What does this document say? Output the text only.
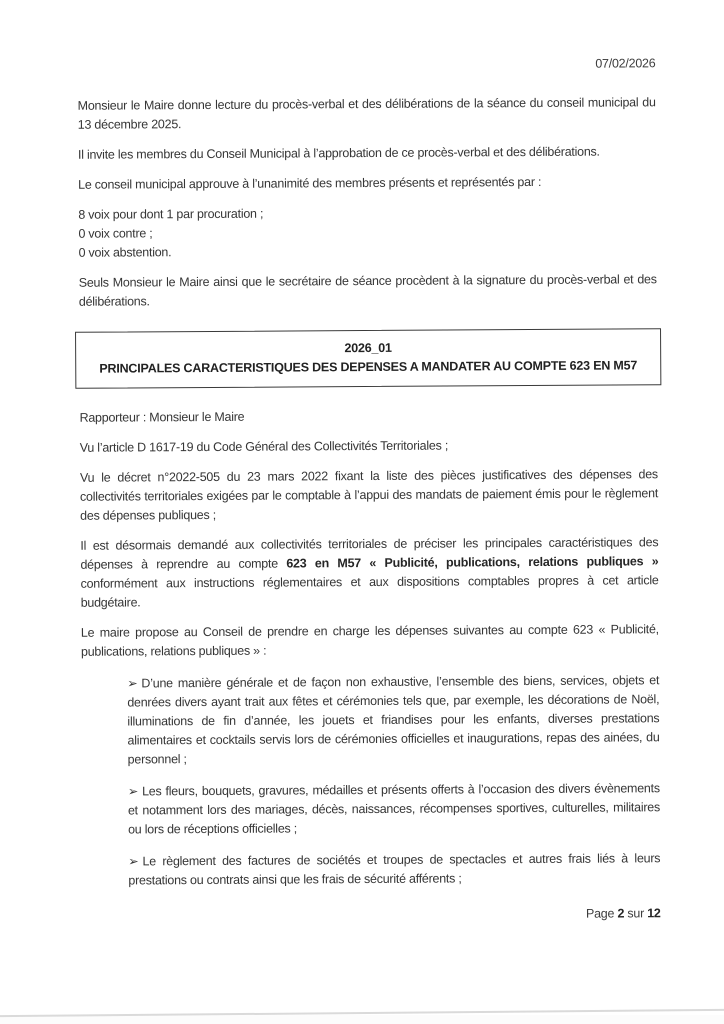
07/02/2026

Monsieur le Maire donne lecture du procès-verbal et des délibérations de la séance du conseil municipal du 13 décembre 2025.

Il invite les membres du Conseil Municipal à l’approbation de ce procès-verbal et des délibérations.

Le conseil municipal approuve à l’unanimité des membres présents et représentés par :

8 voix pour dont 1 par procuration ;
0 voix contre ;
0 voix abstention.

Seuls Monsieur le Maire ainsi que le secrétaire de séance procèdent à la signature du procès-verbal et des délibérations.

2026_01
PRINCIPALES CARACTERISTIQUES DES DEPENSES A MANDATER AU COMPTE 623 EN M57

Rapporteur : Monsieur le Maire

Vu l’article D 1617-19 du Code Général des Collectivités Territoriales ;

Vu le décret n°2022-505 du 23 mars 2022 fixant la liste des pièces justificatives des dépenses des collectivités territoriales exigées par le comptable à l’appui des mandats de paiement émis pour le règlement des dépenses publiques ;

Il est désormais demandé aux collectivités territoriales de préciser les principales caractéristiques des dépenses à reprendre au compte 623 en M57 « Publicité, publications, relations publiques » conformément aux instructions réglementaires et aux dispositions comptables propres à cet article budgétaire.

Le maire propose au Conseil de prendre en charge les dépenses suivantes au compte 623 « Publicité, publications, relations publiques » :

➢ D’une manière générale et de façon non exhaustive, l’ensemble des biens, services, objets et denrées divers ayant trait aux fêtes et cérémonies tels que, par exemple, les décorations de Noël, illuminations de fin d’année, les jouets et friandises pour les enfants, diverses prestations alimentaires et cocktails servis lors de cérémonies officielles et inaugurations, repas des ainées, du personnel ;

➢ Les fleurs, bouquets, gravures, médailles et présents offerts à l’occasion des divers évènements et notamment lors des mariages, décès, naissances, récompenses sportives, culturelles, militaires ou lors de réceptions officielles ;

➢ Le règlement des factures de sociétés et troupes de spectacles et autres frais liés à leurs prestations ou contrats ainsi que les frais de sécurité afférents ;

Page 2 sur 12
